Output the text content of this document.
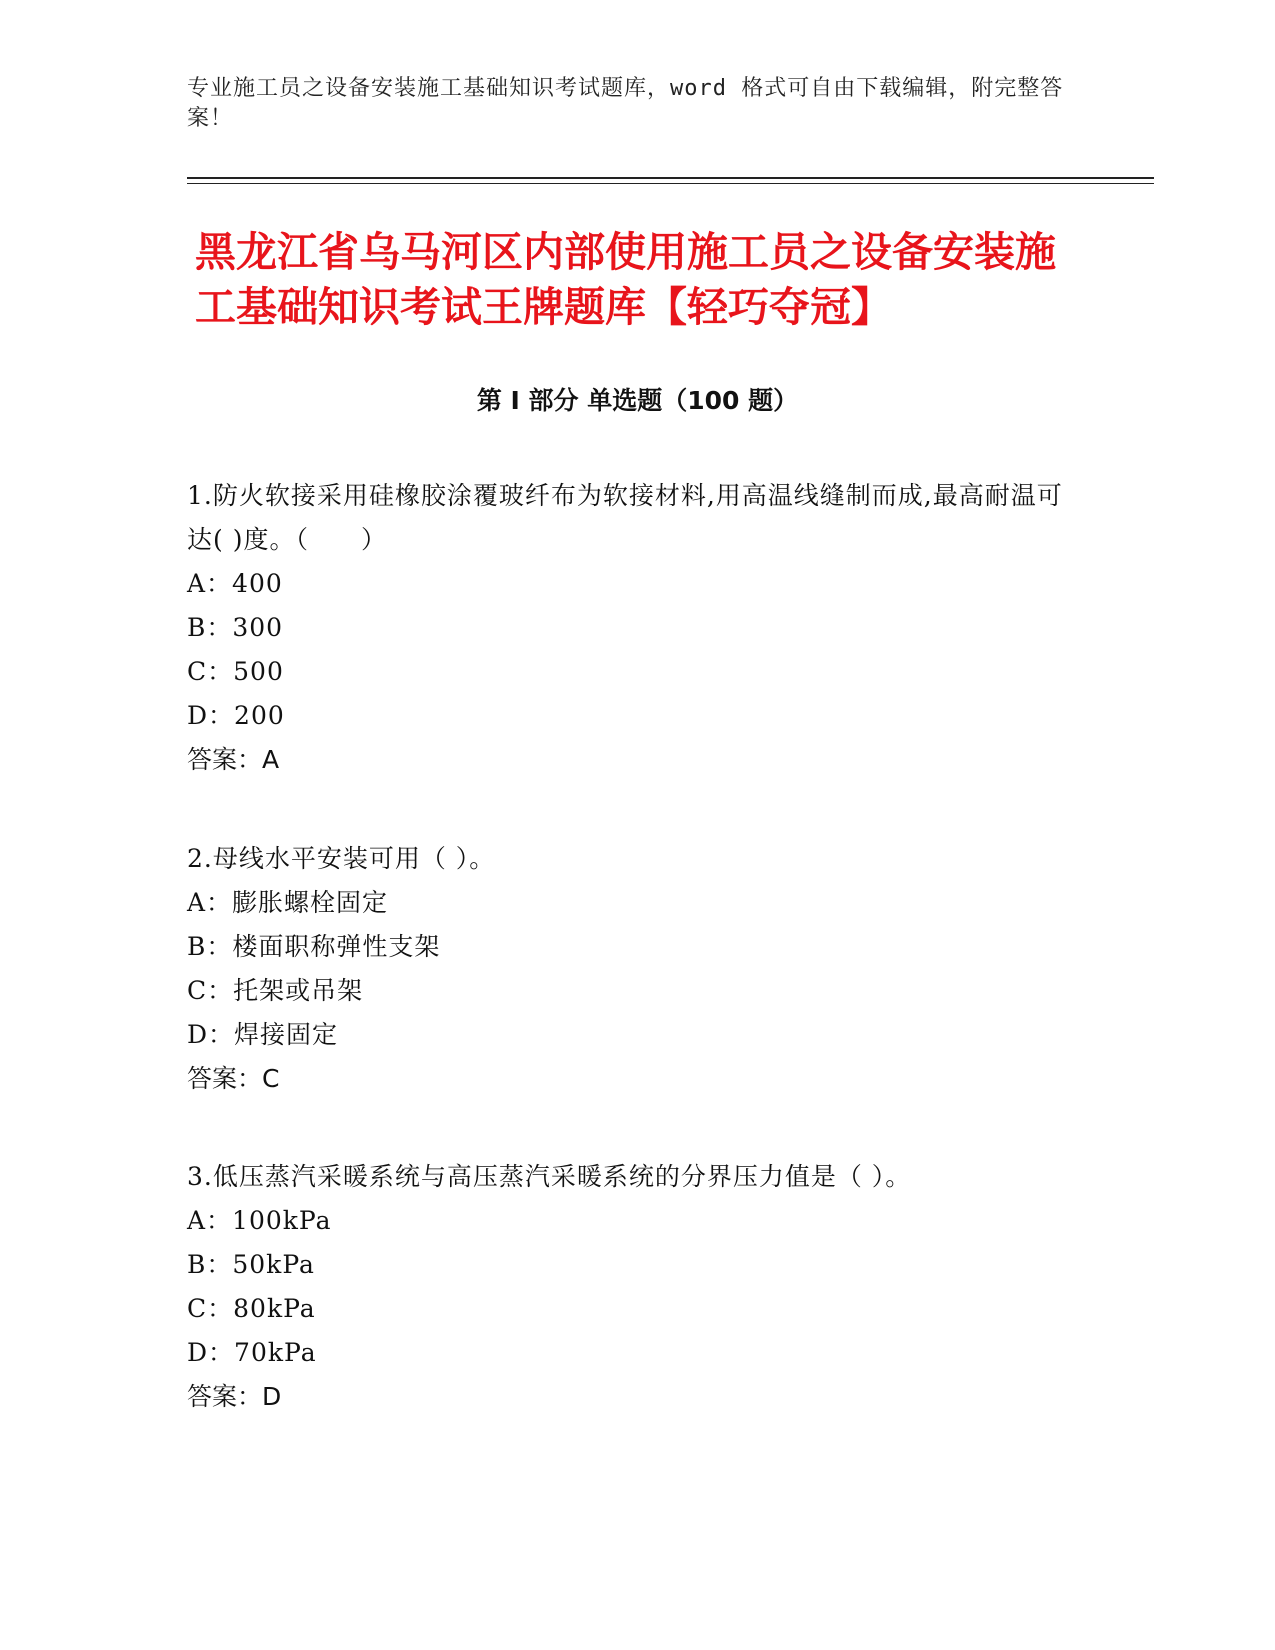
专业施工员之设备安装施工基础知识考试题库，word 格式可自由下载编辑，附完整答案！
黑龙江省乌马河区内部使用施工员之设备安装施工基础知识考试王牌题库【轻巧夺冠】
第 I 部分 单选题（100 题）

1.防火软接采用硅橡胶涂覆玻纤布为软接材料,用高温线缝制而成,最高耐温可达( )度。（　　）

A：400

B：300

C：500

D：200

答案：A

2.母线水平安装可用（ ）。

A：膨胀螺栓固定

B：楼面职称弹性支架

C：托架或吊架

D：焊接固定

答案：C

3.低压蒸汽采暖系统与高压蒸汽采暖系统的分界压力值是（ ）。

A：100kPa

B：50kPa

C：80kPa

D：70kPa

答案：D
